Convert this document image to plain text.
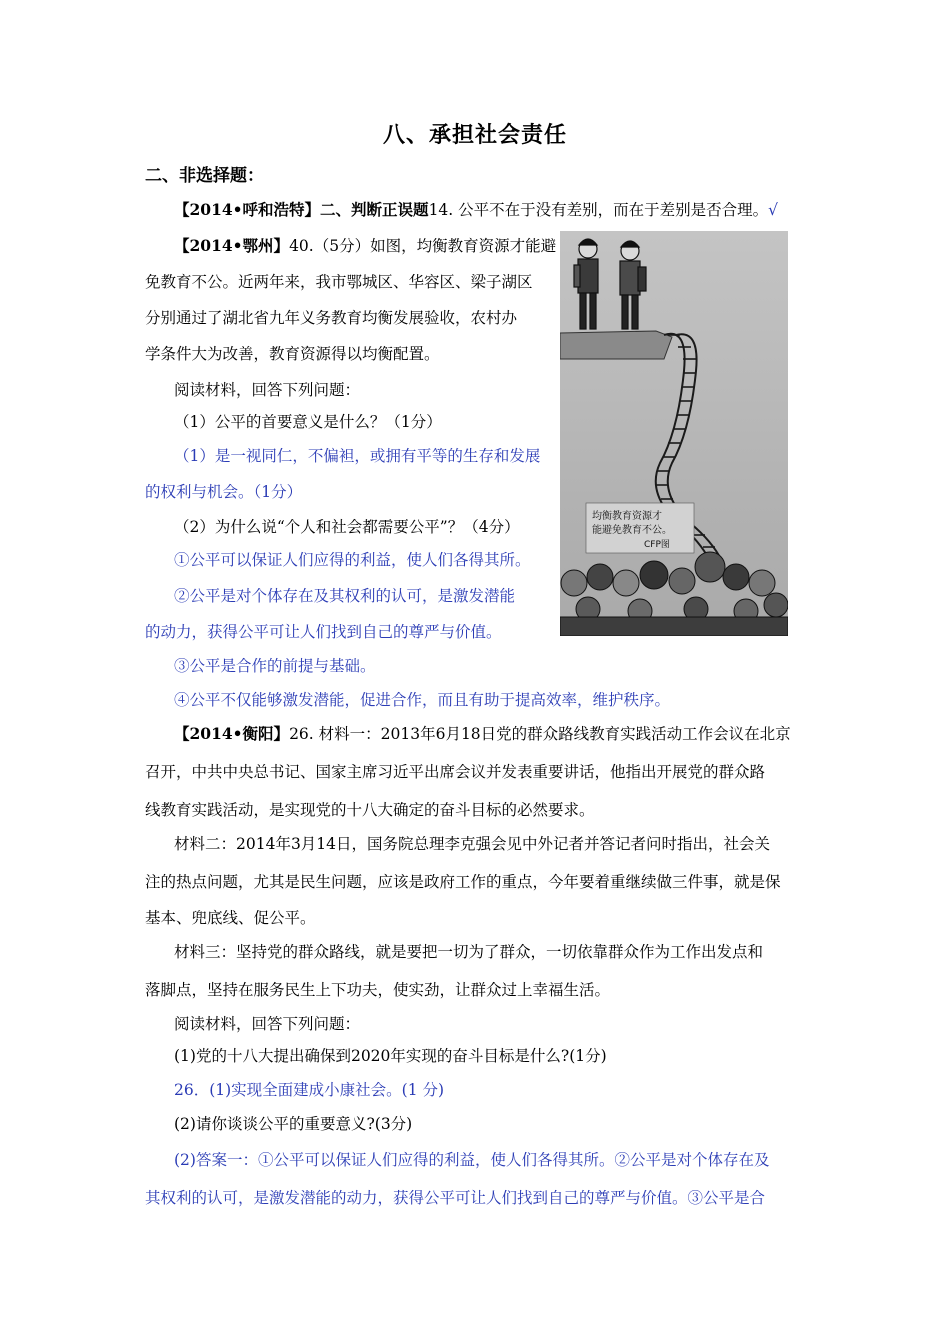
八、承担社会责任
二、非选择题：
【2014•呼和浩特】二、判断正误题14. 公平不在于没有差别，而在于差别是否合理。√
【2014•鄂州】40.（5分）如图，均衡教育资源才能避
免教育不公。近两年来，我市鄂城区、华容区、梁子湖区
分别通过了湖北省九年义务教育均衡发展验收，农村办
学条件大为改善，教育资源得以均衡配置。
阅读材料，回答下列问题：
（1）公平的首要意义是什么？（1分）
（1）是一视同仁，不偏袒，或拥有平等的生存和发展
的权利与机会。（1分）
（2）为什么说“个人和社会都需要公平”？（4分）
①公平可以保证人们应得的利益，使人们各得其所。
②公平是对个体存在及其权利的认可，是激发潜能
的动力，获得公平可让人们找到自己的尊严与价值。
③公平是合作的前提与基础。
④公平不仅能够激发潜能，促进合作，而且有助于提高效率，维护秩序。
均衡教育资源才
能避免教育不公。
CFP图
【2014•衡阳】26. 材料一：2013年6月18日党的群众路线教育实践活动工作会议在北京
召开，中共中央总书记、国家主席习近平出席会议并发表重要讲话，他指出开展党的群众路
线教育实践活动，是实现党的十八大确定的奋斗目标的必然要求。
材料二：2014年3月14日，国务院总理李克强会见中外记者并答记者问时指出，社会关
注的热点问题，尤其是民生问题，应该是政府工作的重点，今年要着重继续做三件事，就是保
基本、兜底线、促公平。
材料三：坚持党的群众路线，就是要把一切为了群众，一切依靠群众作为工作出发点和
落脚点，坚持在服务民生上下功夫，使实劲，让群众过上幸福生活。
阅读材料，回答下列问题：
(1)党的十八大提出确保到2020年实现的奋斗目标是什么?(1分)
26．(1)实现全面建成小康社会。(1 分)
(2)请你谈谈公平的重要意义?(3分)
(2)答案一：①公平可以保证人们应得的利益，使人们各得其所。②公平是对个体存在及
其权利的认可，是激发潜能的动力，获得公平可让人们找到自己的尊严与价值。③公平是合
